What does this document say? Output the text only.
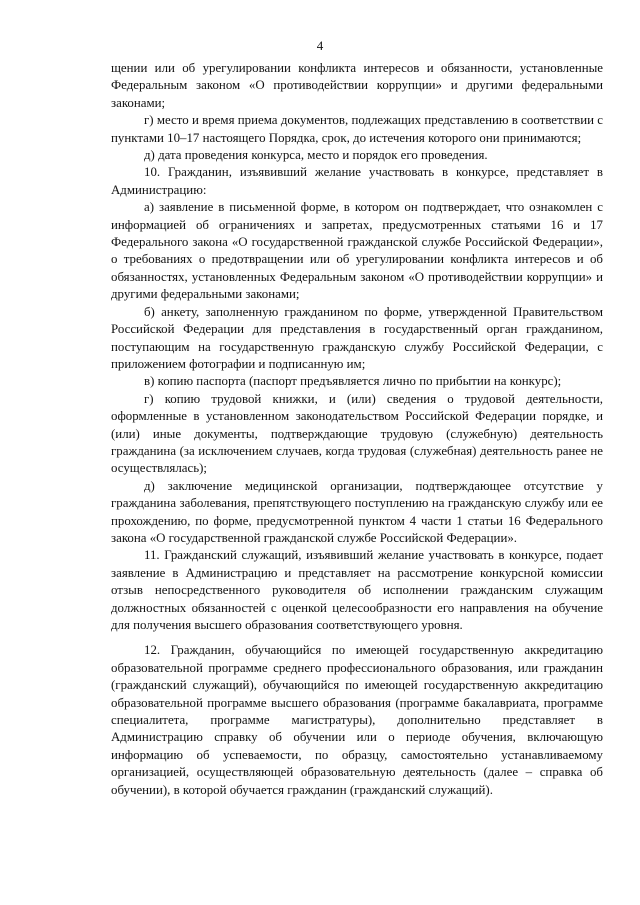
4

щении или об урегулировании конфликта интересов и обязанности, установленные Федеральным законом «О противодействии коррупции» и другими федеральными законами;

г) место и время приема документов, подлежащих представлению в соответствии с пунктами 10–17 настоящего Порядка, срок, до истечения которого они принимаются;

д) дата проведения конкурса, место и порядок его проведения.

10. Гражданин, изъявивший желание участвовать в конкурсе, представляет в Администрацию:

а) заявление в письменной форме, в котором он подтверждает, что ознакомлен с информацией об ограничениях и запретах, предусмотренных статьями 16 и 17 Федерального закона «О государственной гражданской службе Российской Федерации», о требованиях о предотвращении или об урегулировании конфликта интересов и об обязанностях, установленных Федеральным законом «О противодействии коррупции» и другими федеральными законами;

б) анкету, заполненную гражданином по форме, утвержденной Правительством Российской Федерации для представления в государственный орган гражданином, поступающим на государственную гражданскую службу Российской Федерации, с приложением фотографии и подписанную им;

в) копию паспорта (паспорт предъявляется лично по прибытии на конкурс);

г) копию трудовой книжки, и (или) сведения о трудовой деятельности, оформленные в установленном законодательством Российской Федерации порядке, и (или) иные документы, подтверждающие трудовую (служебную) деятельность гражданина (за исключением случаев, когда трудовая (служебная) деятельность ранее не осуществлялась);

д) заключение медицинской организации, подтверждающее отсутствие у гражданина заболевания, препятствующего поступлению на гражданскую службу или ее прохождению, по форме, предусмотренной пунктом 4 части 1 статьи 16 Федерального закона «О государственной гражданской службе Российской Федерации».

11. Гражданский служащий, изъявивший желание участвовать в конкурсе, подает заявление в Администрацию и представляет на рассмотрение конкурсной комиссии отзыв непосредственного руководителя об исполнении гражданским служащим должностных обязанностей с оценкой целесообразности его направления на обучение для получения высшего образования соответствующего уровня.

12. Гражданин, обучающийся по имеющей государственную аккредитацию образовательной программе среднего профессионального образования, или гражданин (гражданский служащий), обучающийся по имеющей государственную аккредитацию образовательной программе высшего образования (программе бакалавриата, программе специалитета, программе магистратуры), дополнительно представляет в Администрацию справку об обучении или о периоде обучения, включающую информацию об успеваемости, по образцу, самостоятельно устанавливаемому организацией, осуществляющей образовательную деятельность (далее – справка об обучении), в которой обучается гражданин (гражданский служащий).
